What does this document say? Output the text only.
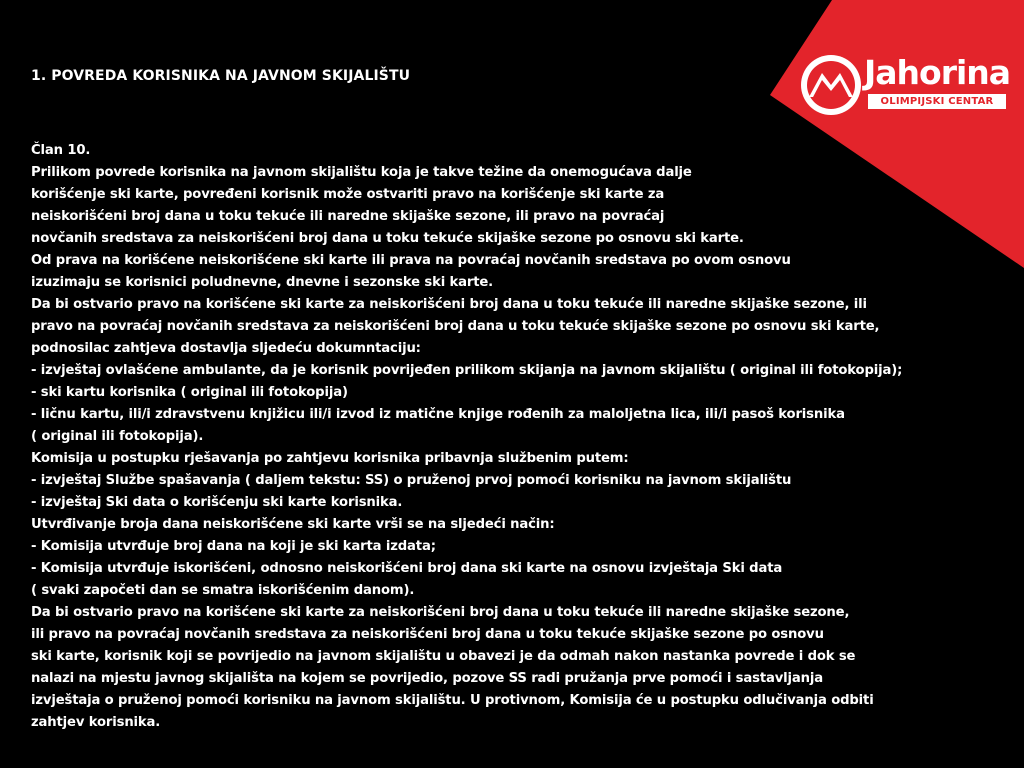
Jahorina
OLIMPIJSKI CENTAR
1. POVREDA KORISNIKA NA JAVNOM SKIJALIŠTU
Član 10.
Prilikom povrede korisnika na javnom skijalištu koja je takve težine da onemogućava dalje
korišćenje ski karte, povređeni korisnik može ostvariti pravo na korišćenje ski karte za
neiskorišćeni broj dana u toku tekuće ili naredne skijaške sezone, ili pravo na povraćaj
novčanih sredstava za neiskorišćeni broj dana u toku tekuće skijaške sezone po osnovu ski karte.
Od prava na korišćene neiskorišćene ski karte ili prava na povraćaj novčanih sredstava po ovom osnovu
izuzimaju se korisnici poludnevne, dnevne i sezonske ski karte.
Da bi ostvario pravo na korišćene ski karte za neiskorišćeni broj dana u toku tekuće ili naredne skijaške sezone, ili
pravo na povraćaj novčanih sredstava za neiskorišćeni broj dana u toku tekuće skijaške sezone po osnovu ski karte,
podnosilac zahtjeva dostavlja sljedeću dokumntaciju:
- izvještaj ovlašćene ambulante, da je korisnik povrijeđen prilikom skijanja na javnom skijalištu ( original ili fotokopija);
- ski kartu korisnika ( original ili fotokopija)
- ličnu kartu, ili/i zdravstvenu knjižicu ili/i izvod iz matične knjige rođenih za maloljetna lica, ili/i pasoš korisnika
( original ili fotokopija).
Komisija u postupku rješavanja po zahtjevu korisnika pribavnja službenim putem:
- izvještaj Službe spašavanja ( daljem tekstu: SS) o pruženoj prvoj pomoći korisniku na javnom skijalištu
- izvještaj Ski data o korišćenju ski karte korisnika.
Utvrđivanje broja dana neiskorišćene ski karte vrši se na sljedeći način:
- Komisija utvrđuje broj dana na koji je ski karta izdata;
- Komisija utvrđuje iskorišćeni, odnosno neiskorišćeni broj dana ski karte na osnovu izvještaja Ski data
( svaki započeti dan se smatra iskorišćenim danom).
Da bi ostvario pravo na korišćene ski karte za neiskorišćeni broj dana u toku tekuće ili naredne skijaške sezone,
ili pravo na povraćaj novčanih sredstava za neiskorišćeni broj dana u toku tekuće skijaške sezone po osnovu
ski karte, korisnik koji se povrijedio na javnom skijalištu u obavezi je da odmah nakon nastanka povrede i dok se
nalazi na mjestu javnog skijališta na kojem se povrijedio, pozove SS radi pružanja prve pomoći i sastavljanja
izvještaja o pruženoj pomoći korisniku na javnom skijalištu. U protivnom, Komisija će u postupku odlučivanja odbiti
zahtjev korisnika.
